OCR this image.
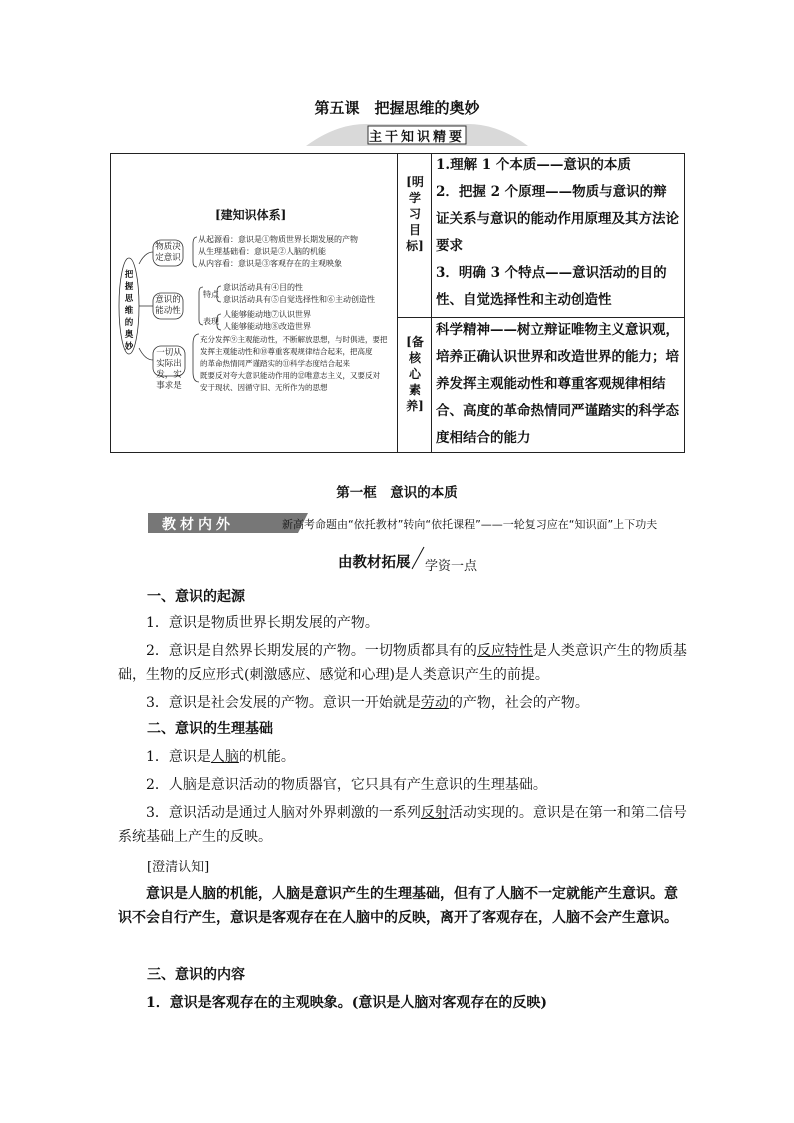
第五课　把握思维的奥妙
主干知识精要
[建知识体系]
把握思维的奥妙
物质决定意识
意识的能动性
一切从实际出发，实事求是
从起源看：意识是①物质世界长期发展的产物
从生理基础看：意识是②人脑的机能
从内容看：意识是③客观存在的主观映象
特点
意识活动具有④目的性
意识活动具有⑤自觉选择性和⑥主动创造性
表现
人能够能动地⑦认识世界
人能够能动地⑧改造世界
充分发挥⑨主观能动性，不断解放思想，与时俱进，要把
发挥主观能动性和⑩尊重客观规律结合起来，把高度
的革命热情同严谨踏实的⑪科学态度结合起来
既要反对夸大意识能动作用的⑫唯意志主义，又要反对
安于现状、因循守旧、无所作为的思想
[明学习目标]
1.理解 1 个本质——意识的本质
2．把握 2 个原理——物质与意识的辩证关系与意识的能动作用原理及其方法论要求
3．明确 3 个特点——意识活动的目的性、自觉选择性和主动创造性
[备核心素养]
科学精神——树立辩证唯物主义意识观，培养正确认识世界和改造世界的能力；培养发挥主观能动性和尊重客观规律相结合、高度的革命热情同严谨踏实的科学态度相结合的能力
第一框　意识的本质
教材内外	新高考命题由“依托教材”转向“依托课程”——一轮复习应在“知识面”上下功夫
由教材拓展 学资一点
一、意识的起源
1．意识是物质世界长期发展的产物。
2．意识是自然界长期发展的产物。一切物质都具有的反应特性是人类意识产生的物质基础，生物的反应形式(刺激感应、感觉和心理)是人类意识产生的前提。
3．意识是社会发展的产物。意识一开始就是劳动的产物，社会的产物。
二、意识的生理基础
1．意识是人脑的机能。
2．人脑是意识活动的物质器官，它只具有产生意识的生理基础。
3．意识活动是通过人脑对外界刺激的一系列反射活动实现的。意识是在第一和第二信号系统基础上产生的反映。
[澄清认知]
意识是人脑的机能，人脑是意识产生的生理基础，但有了人脑不一定就能产生意识。意识不会自行产生，意识是客观存在在人脑中的反映，离开了客观存在，人脑不会产生意识。
三、意识的内容
1．意识是客观存在的主观映象。(意识是人脑对客观存在的反映)
